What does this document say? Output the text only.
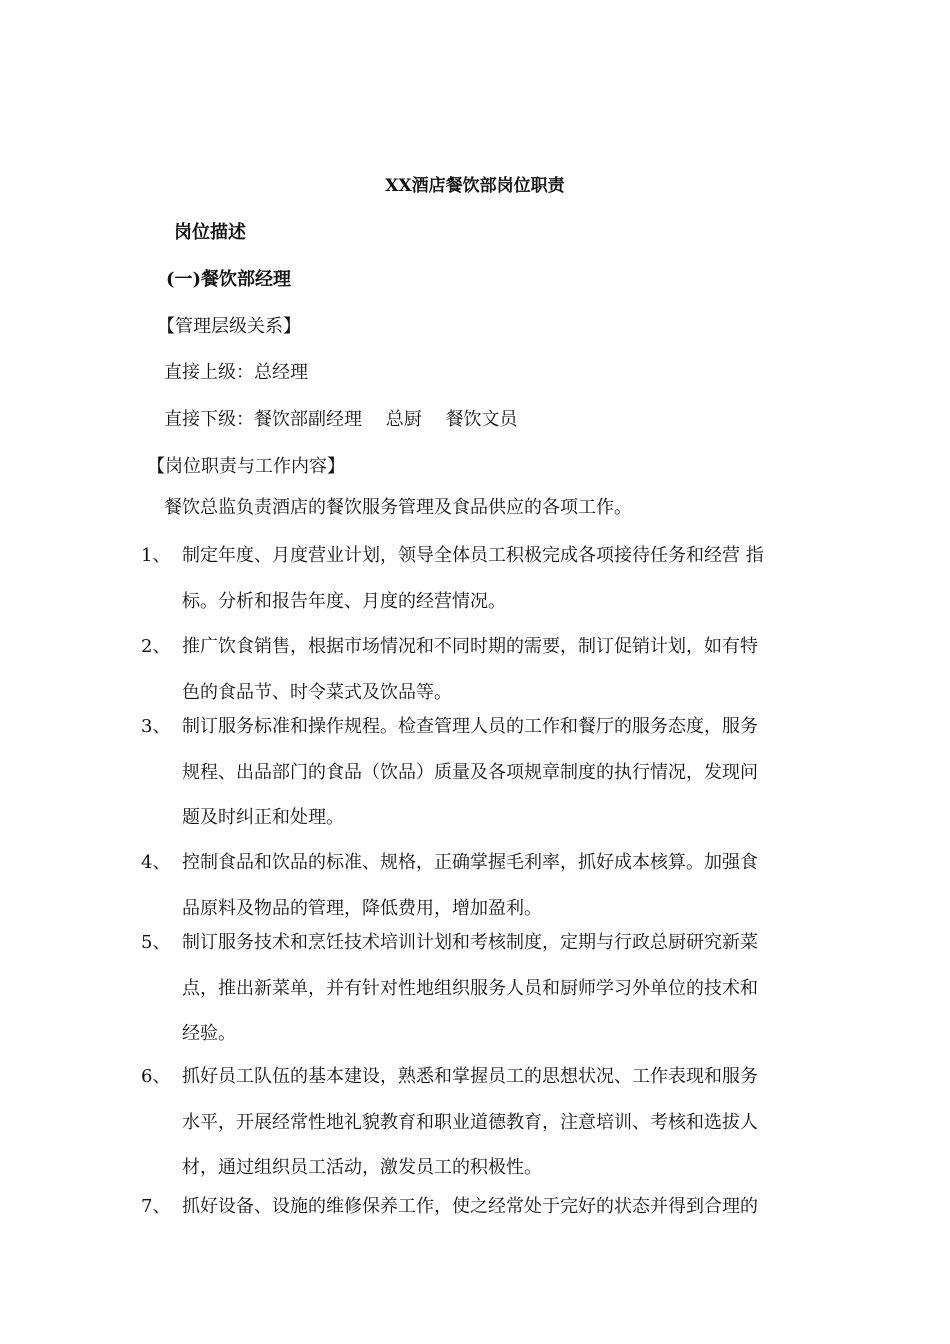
XX酒店餐饮部岗位职责
岗位描述
(一)餐饮部经理
【管理层级关系】
直接上级：总经理
直接下级：餐饮部副经理　 总厨　 餐饮文员
【岗位职责与工作内容】
餐饮总监负责酒店的餐饮服务管理及食品供应的各项工作。
1、 制定年度、月度营业计划，领导全体员工积极完成各项接待任务和经营 指
标。分析和报告年度、月度的经营情况。
2、 推广饮食销售，根据市场情况和不同时期的需要，制订促销计划，如有特
色的食品节、时令菜式及饮品等。
3、 制订服务标准和操作规程。检查管理人员的工作和餐厅的服务态度，服务
规程、出品部门的食品（饮品）质量及各项规章制度的执行情况，发现问
题及时纠正和处理。
4、 控制食品和饮品的标准、规格，正确掌握毛利率，抓好成本核算。加强食
品原料及物品的管理，降低费用，增加盈利。
5、 制订服务技术和烹饪技术培训计划和考核制度，定期与行政总厨研究新菜
点，推出新菜单，并有针对性地组织服务人员和厨师学习外单位的技术和
经验。
6、 抓好员工队伍的基本建设，熟悉和掌握员工的思想状况、工作表现和服务
水平，开展经常性地礼貌教育和职业道德教育，注意培训、考核和选拔人
材，通过组织员工活动，激发员工的积极性。
7、 抓好设备、设施的维修保养工作，使之经常处于完好的状态并得到合理的
